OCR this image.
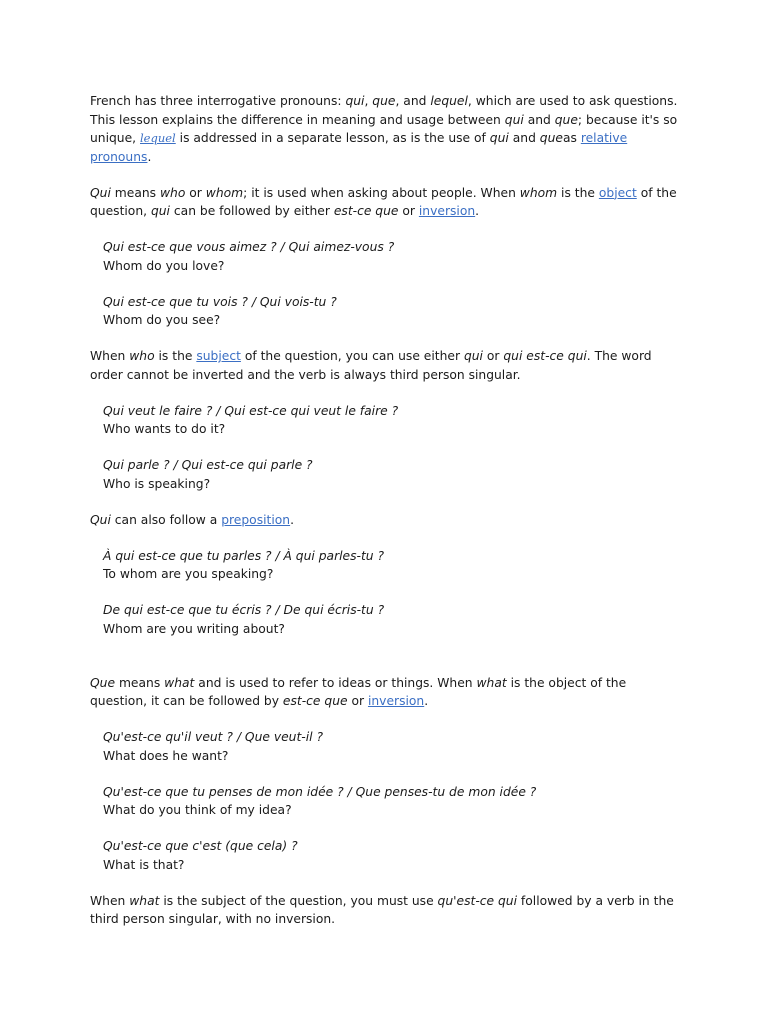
French has three interrogative pronouns: qui, que, and lequel, which are used to ask questions. This lesson explains the difference in meaning and usage between qui and que; because it's so unique, lequel is addressed in a separate lesson, as is the use of qui and queas relative pronouns.

Qui means who or whom; it is used when asking about people. When whom is the object of the question, qui can be followed by either est-ce que or inversion.

Qui est-ce que vous aimez ? / Qui aimez-vous ?
Whom do you love?
Qui est-ce que tu vois ? / Qui vois-tu ?
Whom do you see?

When who is the subject of the question, you can use either qui or qui est-ce qui. The word order cannot be inverted and the verb is always third person singular.

Qui veut le faire ? / Qui est-ce qui veut le faire ?
Who wants to do it?
Qui parle ? / Qui est-ce qui parle ?
Who is speaking?

Qui can also follow a preposition.

À qui est-ce que tu parles ? / À qui parles-tu ?
To whom are you speaking?
De qui est-ce que tu écris ? / De qui écris-tu ?
Whom are you writing about?

Que means what and is used to refer to ideas or things. When what is the object of the question, it can be followed by est-ce que or inversion.

Qu'est-ce qu'il veut ? / Que veut-il ?
What does he want?
Qu'est-ce que tu penses de mon idée ? / Que penses-tu de mon idée ?
What do you think of my idea?
Qu'est-ce que c'est (que cela) ?
What is that?

When what is the subject of the question, you must use qu'est-ce qui followed by a verb in the third person singular, with no inversion.
